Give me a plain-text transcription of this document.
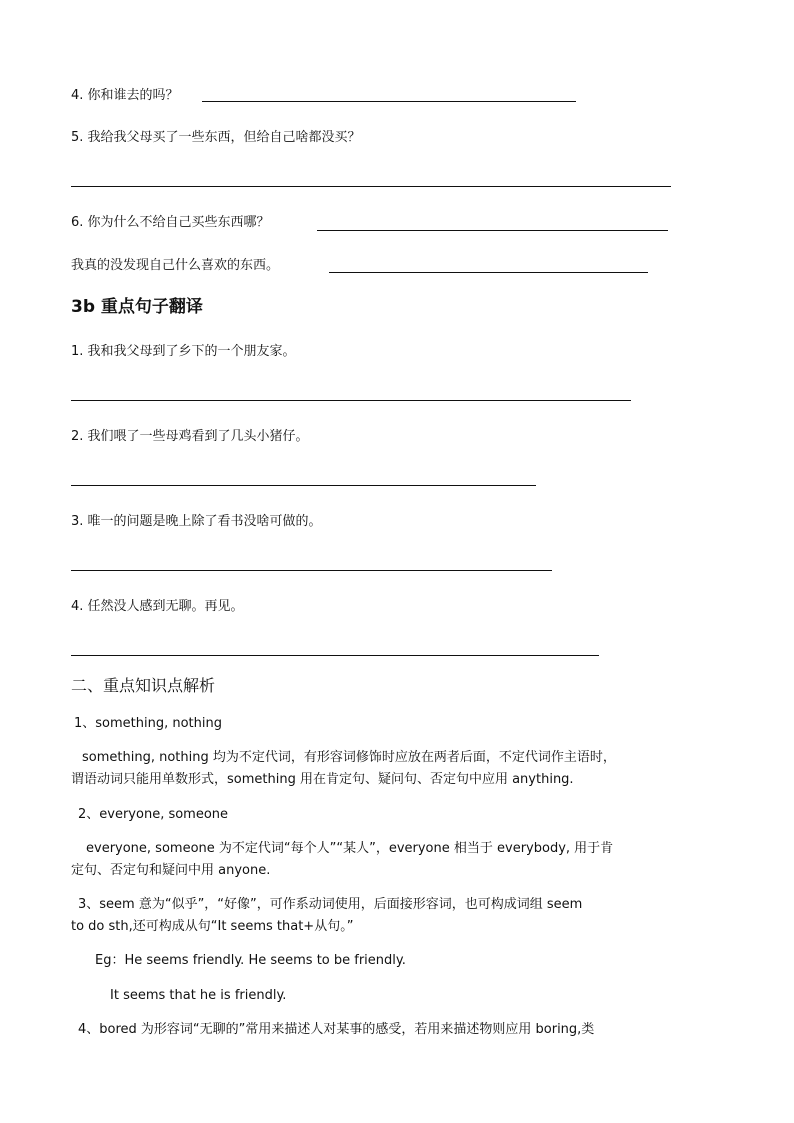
4. 你和谁去的吗？
5. 我给我父母买了一些东西，但给自己啥都没买？
6. 你为什么不给自己买些东西哪？
我真的没发现自己什么喜欢的东西。
3b 重点句子翻译
1. 我和我父母到了乡下的一个朋友家。
2. 我们喂了一些母鸡看到了几头小猪仔。
3. 唯一的问题是晚上除了看书没啥可做的。
4. 任然没人感到无聊。再见。
二、重点知识点解析
1、something, nothing
something, nothing 均为不定代词，有形容词修饰时应放在两者后面，不定代词作主语时，
谓语动词只能用单数形式，something 用在肯定句、疑问句、否定句中应用 anything.
2、everyone, someone
everyone, someone 为不定代词“每个人”“某人”，everyone 相当于 everybody, 用于肯
定句、否定句和疑问中用 anyone.
3、seem 意为“似乎”，“好像”，可作系动词使用，后面接形容词，也可构成词组 seem
to do sth,还可构成从句“It seems that+从句。”
Eg：He seems friendly. He seems to be friendly.
It seems that he is friendly.
4、bored 为形容词“无聊的”常用来描述人对某事的感受，若用来描述物则应用 boring,类
